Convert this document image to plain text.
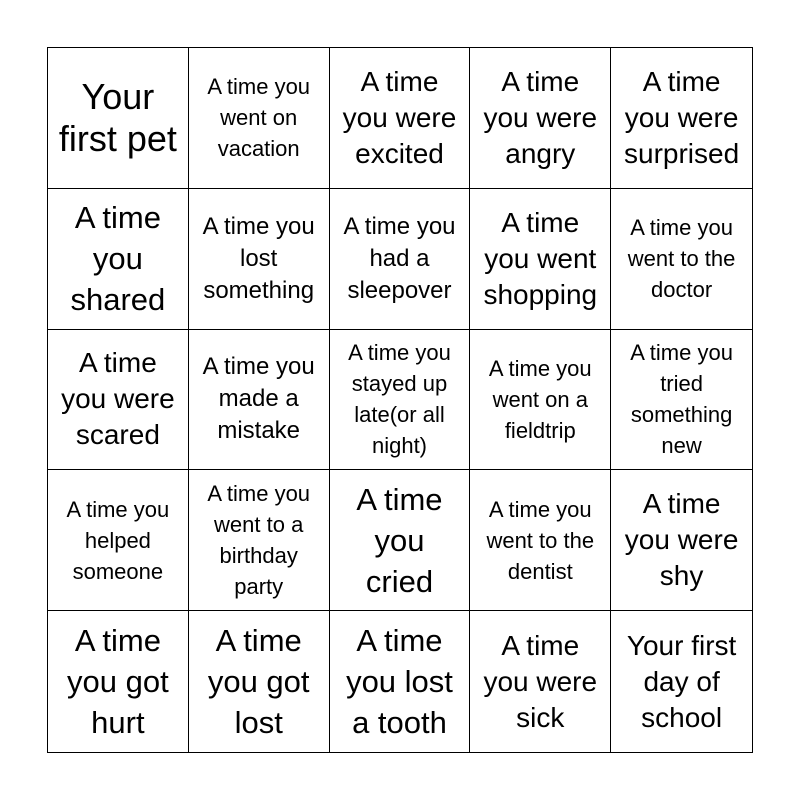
Your first pet
A time you went on vacation
A time you were excited
A time you were angry
A time you were surprised
A time you shared
A time you lost something
A time you had a sleepover
A time you went shopping
A time you went to the doctor
A time you were scared
A time you made a mistake
A time you stayed up late(or all night)
A time you went on a fieldtrip
A time you tried something new
A time you helped someone
A time you went to a birthday party
A time you cried
A time you went to the dentist
A time you were shy
A time you got hurt
A time you got lost
A time you lost a tooth
A time you were sick
Your first day of school
